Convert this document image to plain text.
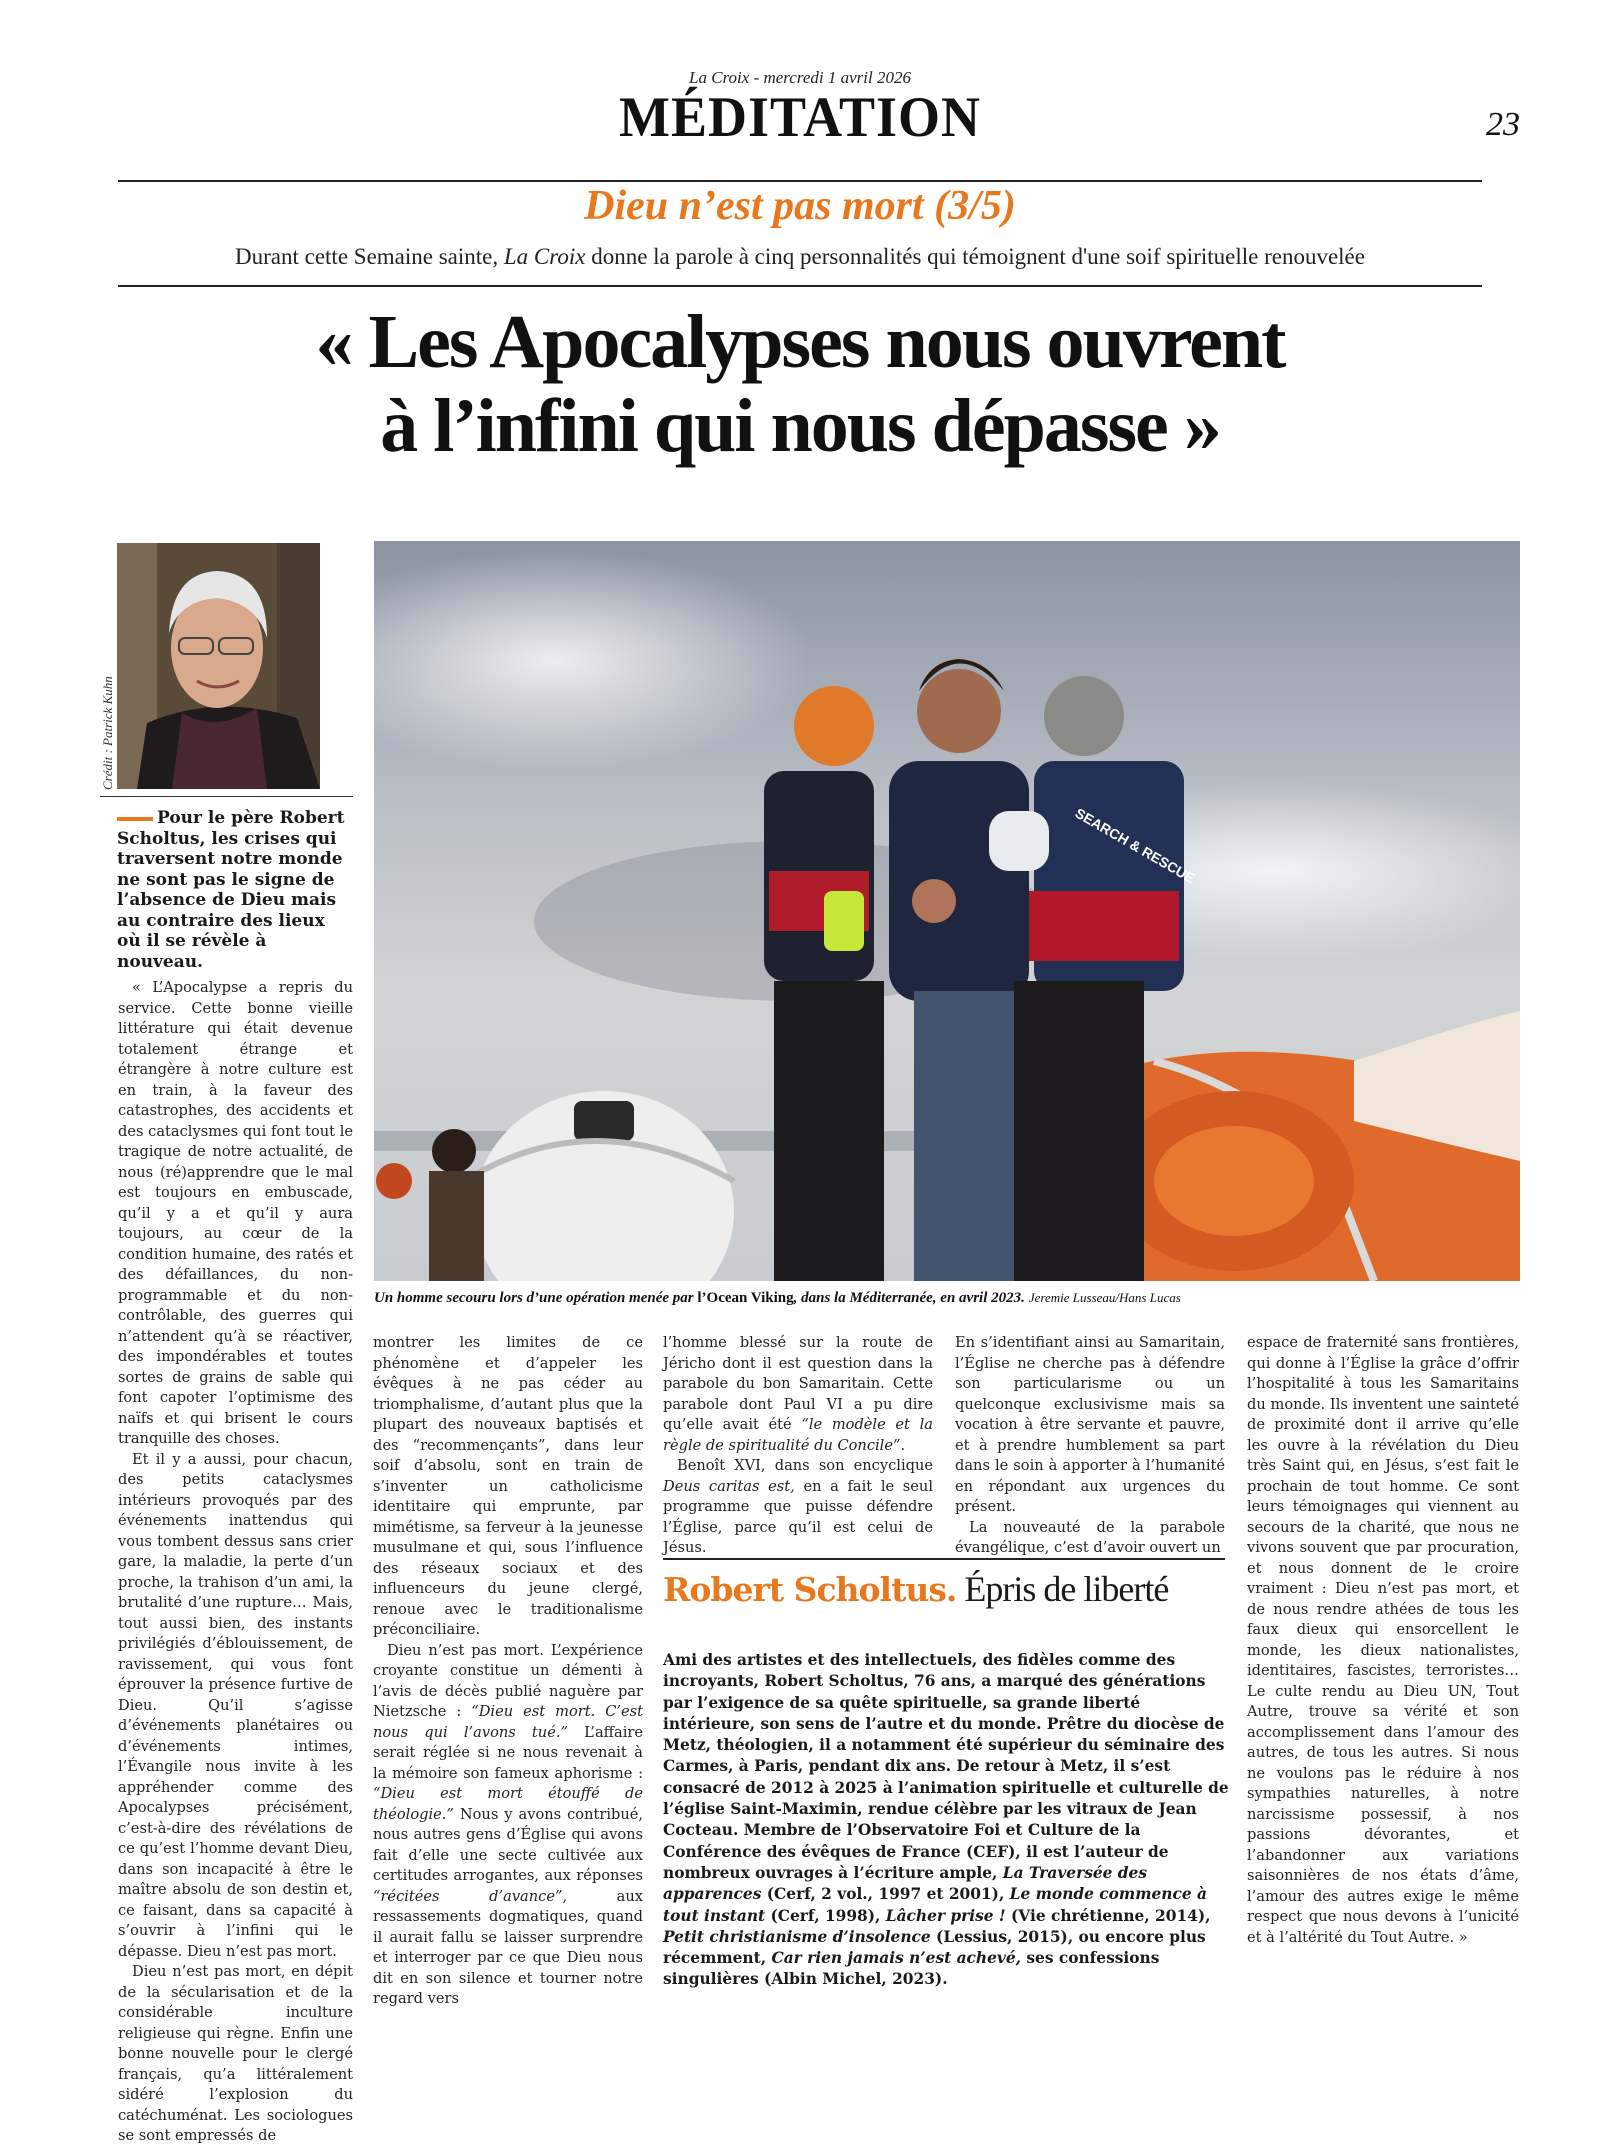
La Croix - mercredi 1 avril 2026
MÉDITATION	23
Dieu n’est pas mort (3/5)
Durant cette Semaine sainte, La Croix donne la parole à cinq personnalités qui témoignent d'une soif spirituelle renouvelée
« Les Apocalypses nous ouvrent
à l’infini qui nous dépasse »
Crédit : Patrick Kuhn
Pour le père Robert Scholtus, les crises qui traversent notre monde ne sont pas le signe de l’absence de Dieu mais au contraire des lieux où il se révèle à nouveau.
SEARCH & RESCUE
Un homme secouru lors d’une opération menée par l’Ocean Viking, dans la Méditerranée, en avril 2023. Jeremie Lusseau/Hans Lucas

« L’Apocalypse a repris du service. Cette bonne vieille littérature qui était devenue totalement étrange et étrangère à notre culture est en train, à la faveur des catastrophes, des accidents et des cataclysmes qui font tout le tragique de notre actualité, de nous (ré)apprendre que le mal est toujours en embuscade, qu’il y a et qu’il y aura toujours, au cœur de la condition humaine, des ratés et des défaillances, du non-programmable et du non-contrôlable, des guerres qui n’attendent qu’à se réactiver, des impondérables et toutes sortes de grains de sable qui font capoter l’optimisme des naïfs et qui brisent le cours tranquille des choses.

Et il y a aussi, pour chacun, des petits cataclysmes intérieurs provoqués par des événements inattendus qui vous tombent dessus sans crier gare, la maladie, la perte d’un proche, la trahison d’un ami, la brutalité d’une rupture… Mais, tout aussi bien, des instants privilégiés d’éblouissement, de ravissement, qui vous font éprouver la présence furtive de Dieu. Qu’il s’agisse d’événements planétaires ou d’événements intimes, l’Évangile nous invite à les appréhender comme des Apocalypses précisément, c’est-à-dire des révélations de ce qu’est l’homme devant Dieu, dans son incapacité à être le maître absolu de son destin et, ce faisant, dans sa capacité à s’ouvrir à l’infini qui le dépasse. Dieu n’est pas mort.

Dieu n’est pas mort, en dépit de la sécularisation et de la considérable inculture religieuse qui règne. Enfin une bonne nouvelle pour le clergé français, qu’a littéralement sidéré l’explosion du catéchuménat. Les sociologues se sont empressés de

montrer les limites de ce phénomène et d’appeler les évêques à ne pas céder au triomphalisme, d’autant plus que la plupart des nouveaux baptisés et des “recommençants”, dans leur soif d’absolu, sont en train de s’inventer un catholicisme identitaire qui emprunte, par mimétisme, sa ferveur à la jeunesse musulmane et qui, sous l’influence des réseaux sociaux et des influenceurs du jeune clergé, renoue avec le traditionalisme préconciliaire.

Dieu n’est pas mort. L’expérience croyante constitue un démenti à l’avis de décès publié naguère par Nietzsche : “Dieu est mort. C’est nous qui l’avons tué.” L’affaire serait réglée si ne nous revenait à la mémoire son fameux aphorisme : “Dieu est mort étouffé de théologie.” Nous y avons contribué, nous autres gens d’Église qui avons fait d’elle une secte cultivée aux certitudes arrogantes, aux réponses “récitées d’avance”, aux ressassements dogmatiques, quand il aurait fallu se laisser surprendre et interroger par ce que Dieu nous dit en son silence et tourner notre regard vers

l’homme blessé sur la route de Jéricho dont il est question dans la parabole du bon Samaritain. Cette parabole dont Paul VI a pu dire qu’elle avait été “le modèle et la règle de spiritualité du Concile”.

Benoît XVI, dans son encyclique Deus caritas est, en a fait le seul programme que puisse défendre l’Église, parce qu’il est celui de Jésus.

En s’identifiant ainsi au Samaritain, l’Église ne cherche pas à défendre son particularisme ou un quelconque exclusivisme mais sa vocation à être servante et pauvre, et à prendre humblement sa part dans le soin à apporter à l’humanité en répondant aux urgences du présent.

La nouveauté de la parabole évangélique, c’est d’avoir ouvert un

espace de fraternité sans frontières, qui donne à l’Église la grâce d’offrir l’hospitalité à tous les Samaritains du monde. Ils inventent une sainteté de proximité dont il arrive qu’elle les ouvre à la révélation du Dieu très Saint qui, en Jésus, s’est fait le prochain de tout homme. Ce sont leurs témoignages qui viennent au secours de la charité, que nous ne vivons souvent que par procuration, et nous donnent de le croire vraiment : Dieu n’est pas mort, et de nous rendre athées de tous les faux dieux qui ensorcellent le monde, les dieux nationalistes, identitaires, fascistes, terroristes… Le culte rendu au Dieu UN, Tout Autre, trouve sa vérité et son accomplissement dans l’amour des autres, de tous les autres. Si nous ne voulons pas le réduire à nos sympathies naturelles, à notre narcissisme possessif, à nos passions dévorantes, et l’abandonner aux variations saisonnières de nos états d’âme, l’amour des autres exige le même respect que nous devons à l’unicité et à l’altérité du Tout Autre. »

Robert Scholtus. Épris de liberté
Ami des artistes et des intellectuels, des fidèles comme des incroyants, Robert Scholtus, 76 ans, a marqué des générations par l’exigence de sa quête spirituelle, sa grande liberté intérieure, son sens de l’autre et du monde. Prêtre du diocèse de Metz, théologien, il a notamment été supérieur du séminaire des Carmes, à Paris, pendant dix ans. De retour à Metz, il s’est consacré de 2012 à 2025 à l’animation spirituelle et culturelle de l’église Saint-Maximin, rendue célèbre par les vitraux de Jean Cocteau. Membre de l’Observatoire Foi et Culture de la Conférence des évêques de France (CEF), il est l’auteur de nombreux ouvrages à l’écriture ample, La Traversée des apparences (Cerf, 2 vol., 1997 et 2001), Le monde commence à tout instant (Cerf, 1998), Lâcher prise ! (Vie chrétienne, 2014), Petit christianisme d’insolence (Lessius, 2015), ou encore plus récemment, Car rien jamais n’est achevé, ses confessions singulières (Albin Michel, 2023).
